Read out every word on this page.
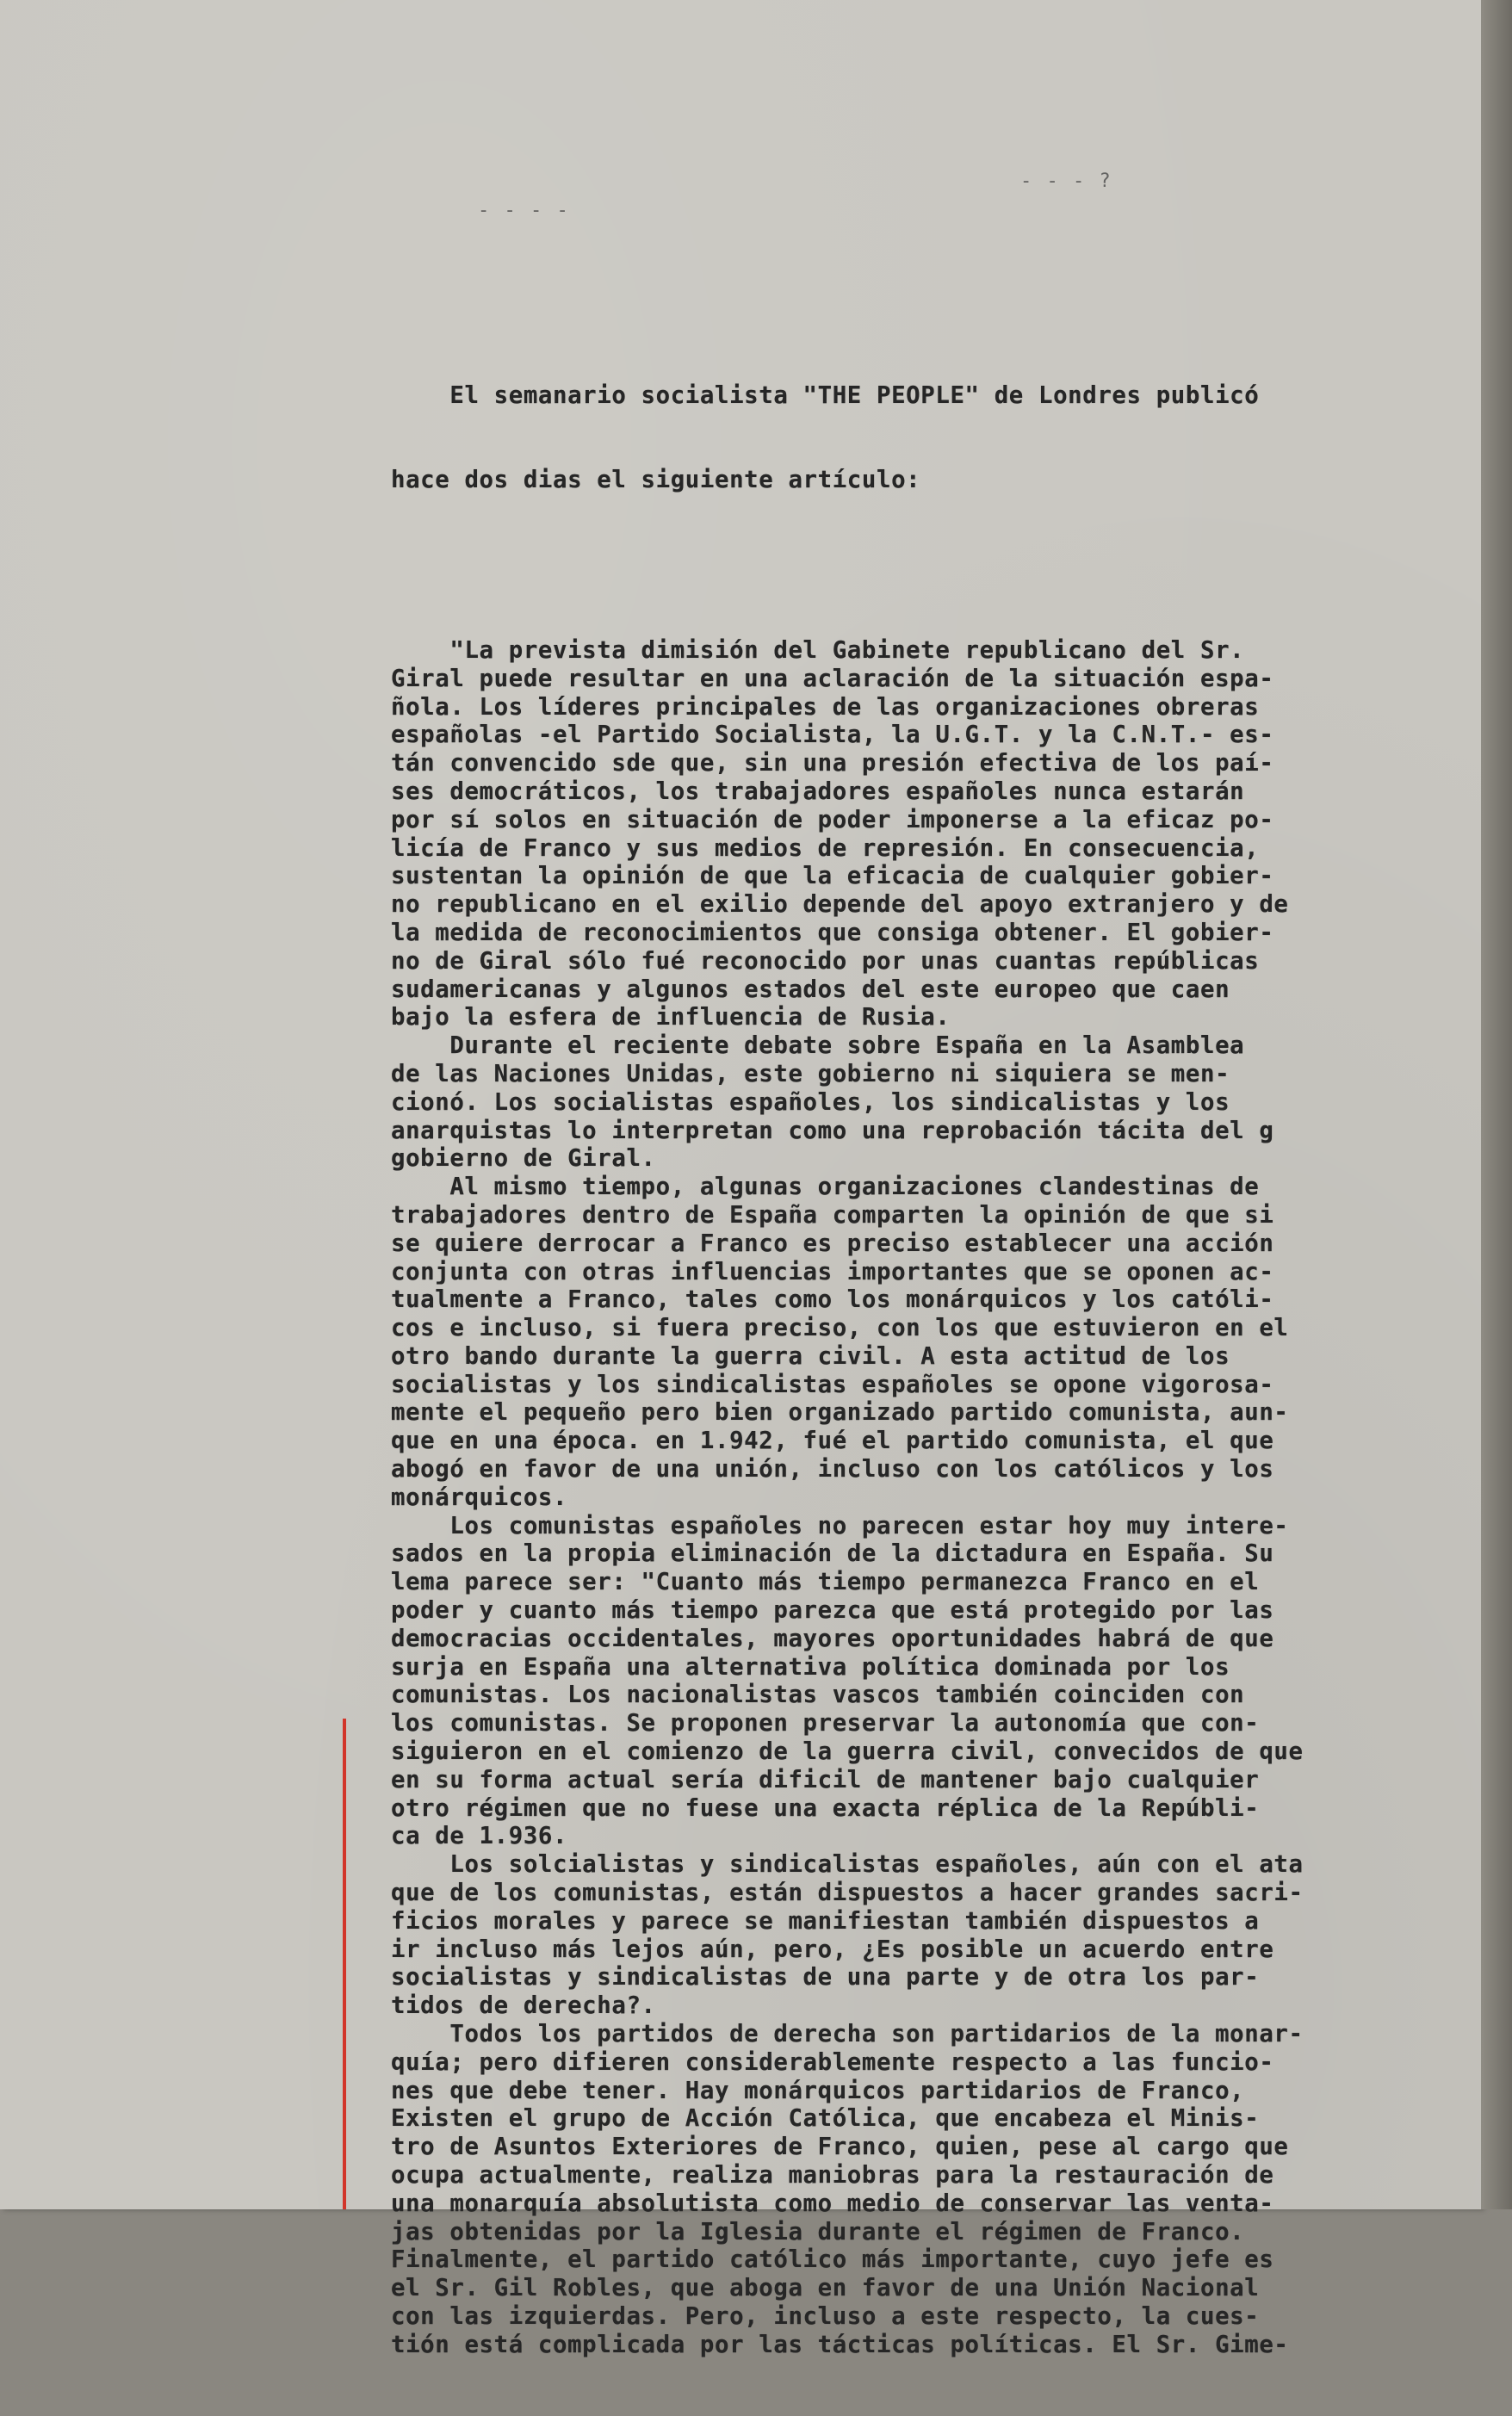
- - - -
- - - ?

El semanario socialista "THE PEOPLE" de Londres publicó

hace dos dias el siguiente artículo:

"La prevista dimisión del Gabinete republicano del Sr.
Giral puede resultar en una aclaración de la situación espa-
ñola. Los líderes principales de las organizaciones obreras
españolas -el Partido Socialista, la U.G.T. y la C.N.T.- es-
tán convencido sde que, sin una presión efectiva de los paí-
ses democráticos, los trabajadores españoles nunca estarán
por sí solos en situación de poder imponerse a la eficaz po-
licía de Franco y sus medios de represión. En consecuencia,
sustentan la opinión de que la eficacia de cualquier gobier-
no republicano en el exilio depende del apoyo extranjero y de
la medida de reconocimientos que consiga obtener. El gobier-
no de Giral sólo fué reconocido por unas cuantas repúblicas
sudamericanas y algunos estados del este europeo que caen
bajo la esfera de influencia de Rusia.
Durante el reciente debate sobre España en la Asamblea
de las Naciones Unidas, este gobierno ni siquiera se men-
cionó. Los socialistas españoles, los sindicalistas y los
anarquistas lo interpretan como una reprobación tácita del g
gobierno de Giral.
Al mismo tiempo, algunas organizaciones clandestinas de
trabajadores dentro de España comparten la opinión de que si
se quiere derrocar a Franco es preciso establecer una acción
conjunta con otras influencias importantes que se oponen ac-
tualmente a Franco, tales como los monárquicos y los católi-
cos e incluso, si fuera preciso, con los que estuvieron en el
otro bando durante la guerra civil. A esta actitud de los
socialistas y los sindicalistas españoles se opone vigorosa-
mente el pequeño pero bien organizado partido comunista, aun-
que en una época. en 1.942, fué el partido comunista, el que
abogó en favor de una unión, incluso con los católicos y los
monárquicos.
Los comunistas españoles no parecen estar hoy muy intere-
sados en la propia eliminación de la dictadura en España. Su
lema parece ser: "Cuanto más tiempo permanezca Franco en el
poder y cuanto más tiempo parezca que está protegido por las
democracias occidentales, mayores oportunidades habrá de que
surja en España una alternativa política dominada por los
comunistas. Los nacionalistas vascos también coinciden con
los comunistas. Se proponen preservar la autonomía que con-
siguieron en el comienzo de la guerra civil, convecidos de que
en su forma actual sería dificil de mantener bajo cualquier
otro régimen que no fuese una exacta réplica de la Repúbli-
ca de 1.936.
Los solcialistas y sindicalistas españoles, aún con el ata
que de los comunistas, están dispuestos a hacer grandes sacri-
ficios morales y parece se manifiestan también dispuestos a
ir incluso más lejos aún, pero, ¿Es posible un acuerdo entre
socialistas y sindicalistas de una parte y de otra los par-
tidos de derecha?.
Todos los partidos de derecha son partidarios de la monar-
quía; pero difieren considerablemente respecto a las funcio-
nes que debe tener. Hay monárquicos partidarios de Franco,
Existen el grupo de Acción Católica, que encabeza el Minis-
tro de Asuntos Exteriores de Franco, quien, pese al cargo que
ocupa actualmente, realiza maniobras para la restauración de
una monarquía absolutista como medio de conservar las venta-
jas obtenidas por la Iglesia durante el régimen de Franco.
Finalmente, el partido católico más importante, cuyo jefe es
el Sr. Gil Robles, que aboga en favor de una Unión Nacional
con las izquierdas. Pero, incluso a este respecto, la cues-
tión está complicada por las tácticas políticas. El Sr. Gime-
